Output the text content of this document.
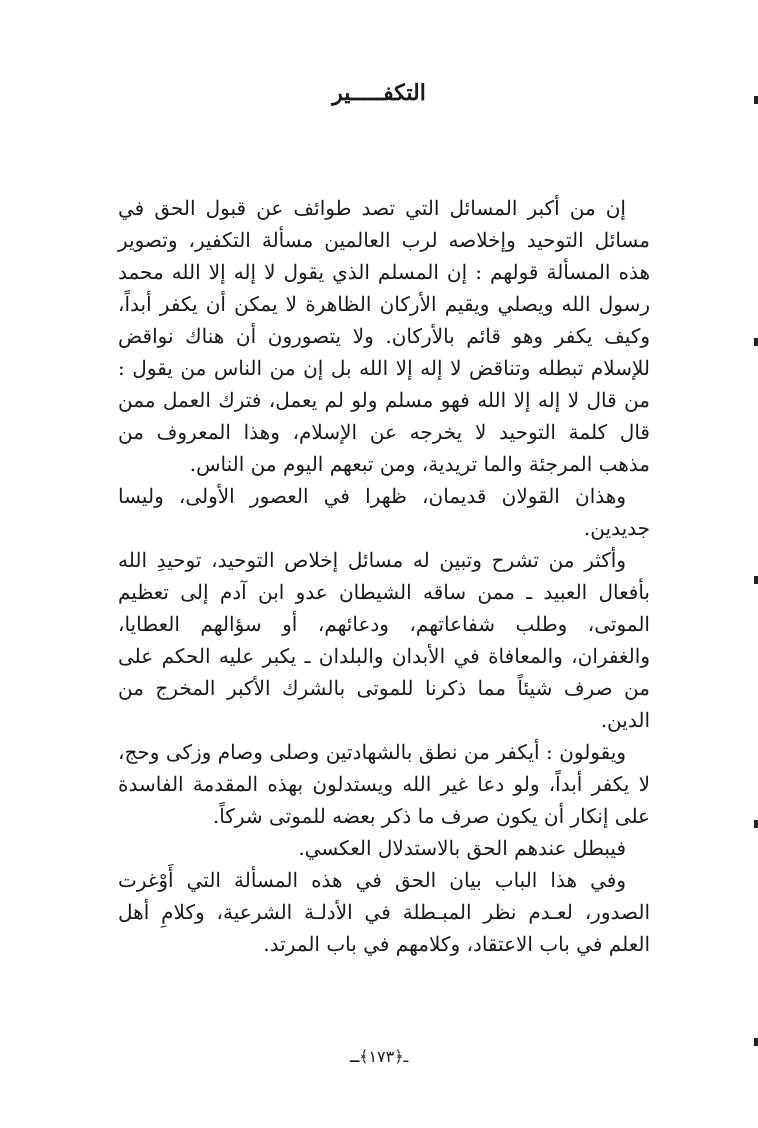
التكفـــــير

إن من أكبر المسائل التي تصد طوائف عن قبول الحق في مسائل التوحيد وإخلاصه لرب العالمين مسألة التكفير، وتصوير هذه المسألة قولهم : إن المسلم الذي يقول لا إله إلا الله محمد رسول الله ويصلي ويقيم الأركان الظاهرة لا يمكن أن يكفر أبداً، وكيف يكفر وهو قائم بالأركان. ولا يتصورون أن هناك نواقض للإسلام تبطله وتناقض لا إله إلا الله بل إن من الناس من يقول : من قال لا إله إلا الله فهو مسلم ولو لم يعمل، فترك العمل ممن قال كلمة التوحيد لا يخرجه عن الإسلام، وهذا المعروف من مذهب المرجئة والما تريدية، ومن تبعهم اليوم من الناس.

وهذان القولان قديمان، ظهرا في العصور الأولى، وليسا جديدين.

وأكثر من تشرح وتبين له مسائل إخلاص التوحيد، توحيدِ الله بأفعال العبيد ـ ممن ساقه الشيطان عدو ابن آدم إلى تعظيم الموتى، وطلب شفاعاتهم، ودعائهم، أو سؤالهم العطايا، والغفران، والمعافاة في الأبدان والبلدان ـ يكبر عليه الحكم على من صرف شيئاً مما ذكرنا للموتى بالشرك الأكبر المخرج من الدين.

ويقولون : أيكفر من نطق بالشهادتين وصلى وصام وزكى وحج، لا يكفر أبداً، ولو دعا غير الله ويستدلون بهذه المقدمة الفاسدة على إنكار أن يكون صرف ما ذكر بعضه للموتى شركاً.

فيبطل عندهم الحق بالاستدلال العكسي.

وفي هذا الباب بيان الحق في هذه المسألة التي أَوْغرت الصدور، لعـدم نظر المبـطلة في الأدلـة الشرعية، وكلامِ أهل العلم في باب الاعتقاد، وكلامهم في باب المرتد.

ـ﴿١٧٣﴾ـ
